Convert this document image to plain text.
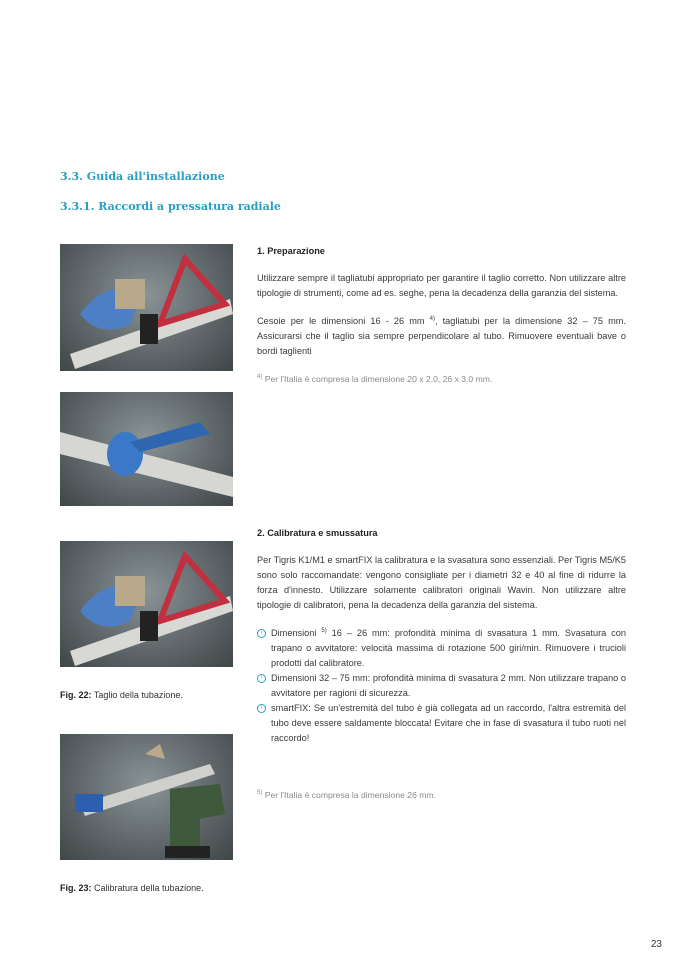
3.3. Guida all'installazione
3.3.1. Raccordi a pressatura radiale

1. Preparazione

Utilizzare sempre il tagliatubi appropriato per garantire il taglio corretto. Non utilizzare altre tipologie di strumenti, come ad es. seghe, pena la decadenza della garanzia del sistema.

Cesoie per le dimensioni 16 - 26 mm $^{4)}$, tagliatubi per la dimensione 32 – 75 mm. Assicurarsi che il taglio sia sempre perpendicolare al tubo. Rimuovere eventuali bave o bordi taglienti

$^{4)}$ Per l'Italia è compresa la dimensione 20 x 2.0, 26 x 3.0 mm.

2. Calibratura e smussatura

Per Tigris K1/M1 e smartFIX la calibratura e la svasatura sono essenziali. Per Tigris M5/K5 sono solo raccomandate: vengono consigliate per i diametri 32 e 40 al fine di ridurre la forza d'innesto. Utilizzare solamente calibratori originali Wavin. Non utilizzare altre tipologie di calibratori, pena la decadenza della garanzia del sistema.

i Dimensioni $^{5)}$ 16 – 26 mm: profondità minima di svasatura 1 mm. Svasatura con trapano o avvitatore: velocità massima di rotazione 500 giri/min. Rimuovere i trucioli prodotti dal calibratore.
i Dimensioni 32 – 75 mm: profondità minima di svasatura 2 mm. Non utilizzare trapano o avvitatore per ragioni di sicurezza.
i smartFIX: Se un'estremità del tubo è già collegata ad un raccordo, l'altra estremità del tubo deve essere saldamente bloccata! Evitare che in fase di svasatura il tubo ruoti nel raccordo!

$^{5)}$ Per l'Italia è compresa la dimensione 26 mm.

Fig. 22: Taglio della tubazione.
Fig. 23: Calibratura della tubazione.
23
